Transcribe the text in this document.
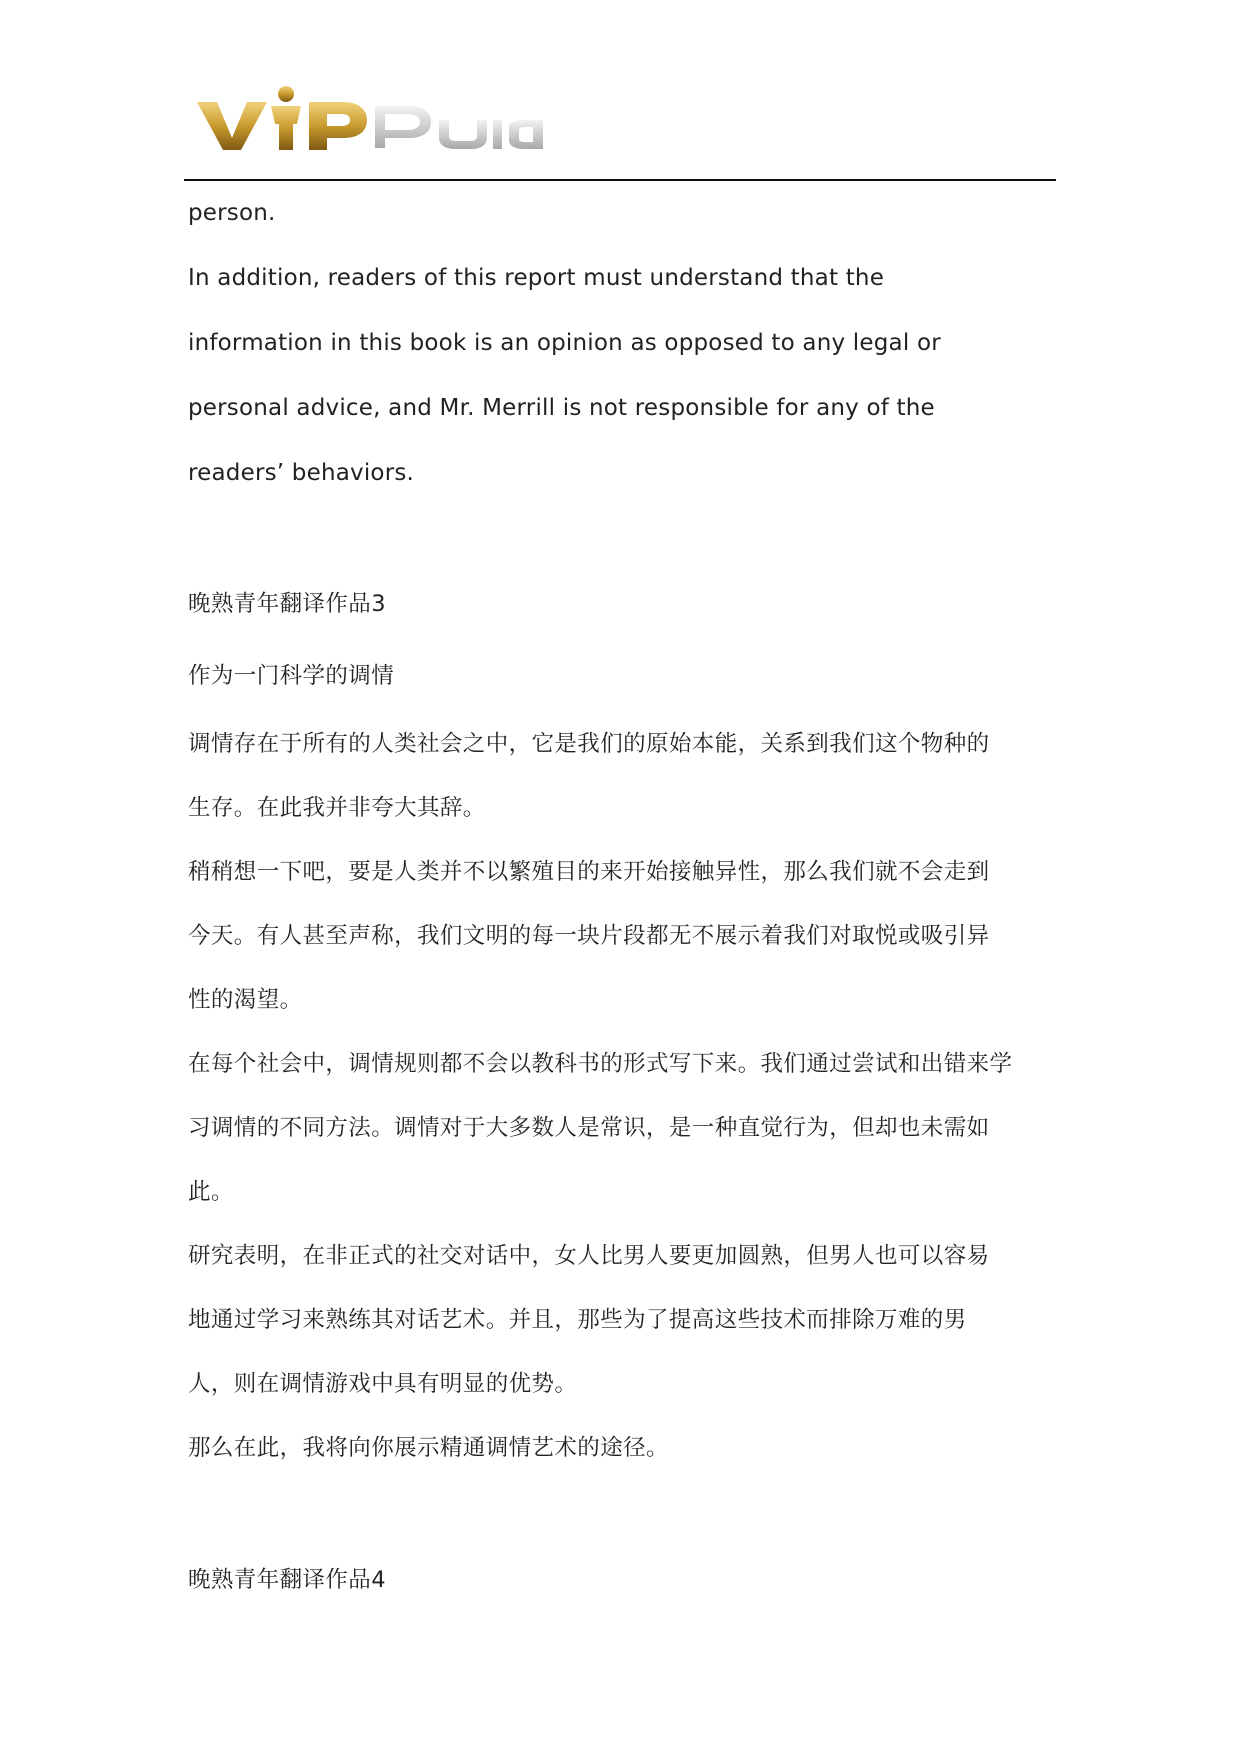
person.
In addition, readers of this report must understand that the
information in this book is an opinion as opposed to any legal or
personal advice, and Mr. Merrill is not responsible for any of the
readers’ behaviors.
晚熟青年翻译作品3
作为一门科学的调情
调情存在于所有的人类社会之中，它是我们的原始本能，关系到我们这个物种的
生存。在此我并非夸大其辞。
稍稍想一下吧，要是人类并不以繁殖目的来开始接触异性，那么我们就不会走到
今天。有人甚至声称，我们文明的每一块片段都无不展示着我们对取悦或吸引异
性的渴望。
在每个社会中，调情规则都不会以教科书的形式写下来。我们通过尝试和出错来学
习调情的不同方法。调情对于大多数人是常识，是一种直觉行为，但却也未需如
此。
研究表明，在非正式的社交对话中，女人比男人要更加圆熟，但男人也可以容易
地通过学习来熟练其对话艺术。并且，那些为了提高这些技术而排除万难的男
人，则在调情游戏中具有明显的优势。
那么在此，我将向你展示精通调情艺术的途径。
晚熟青年翻译作品4
